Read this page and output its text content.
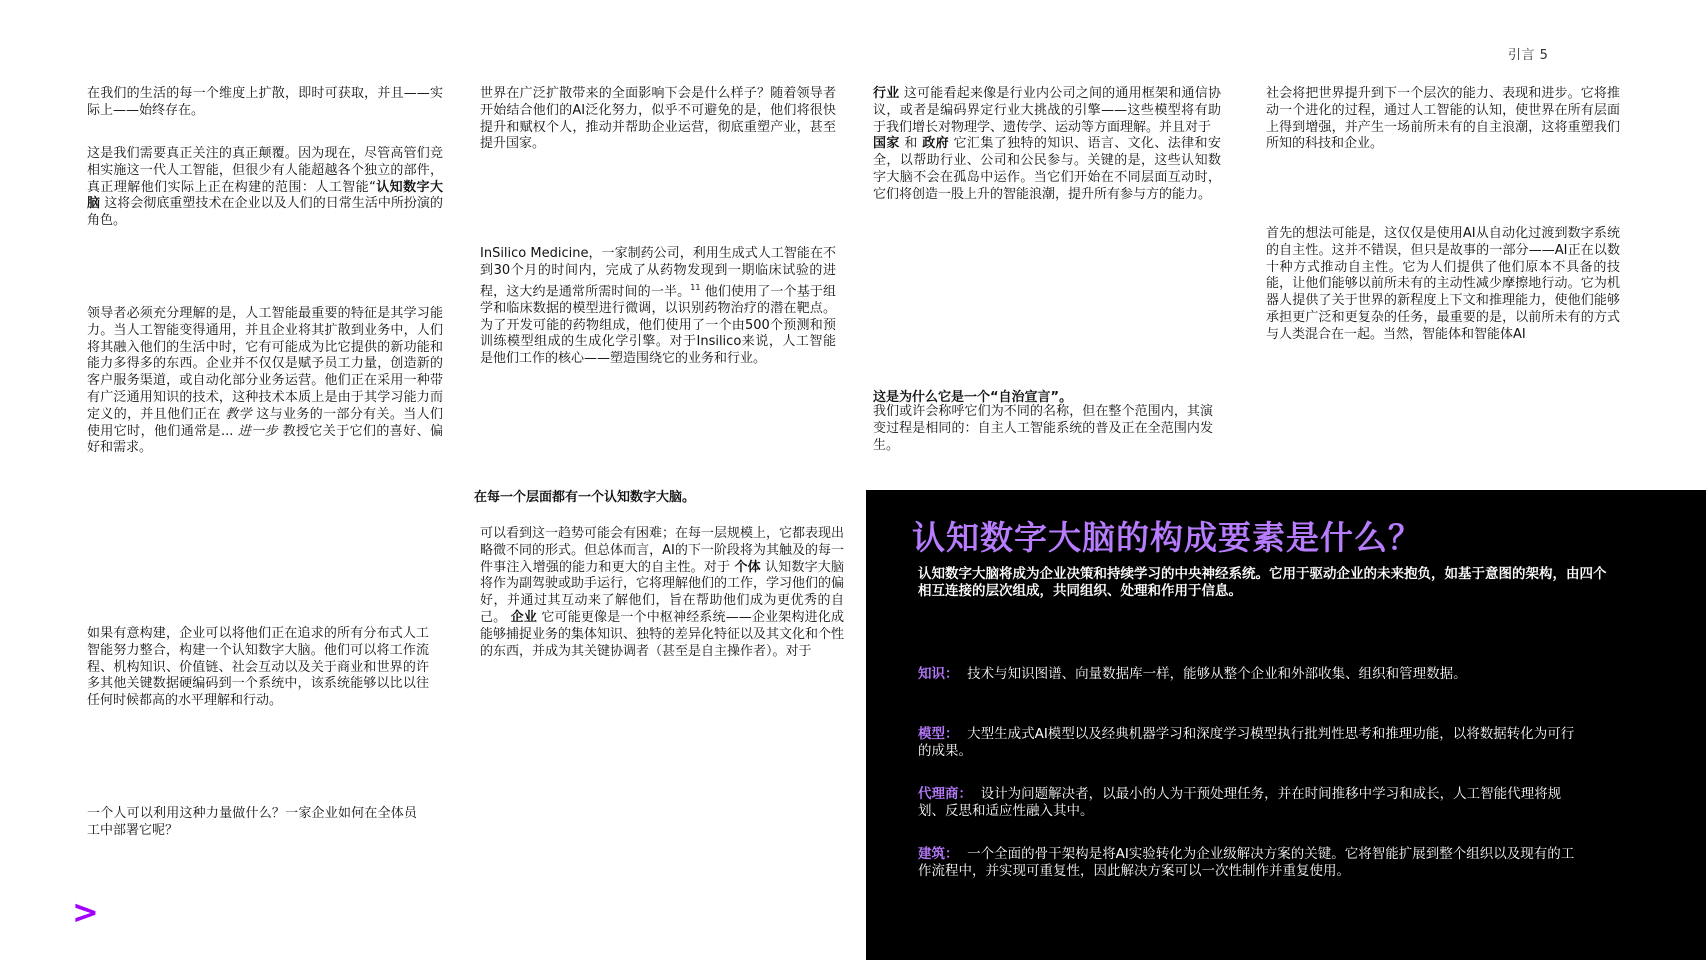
引言 5

在我们的生活的每一个维度上扩散，即时可获取，并且——实际上——始终存在。

这是我们需要真正关注的真正颠覆。因为现在，尽管高管们竞相实施这一代人工智能，但很少有人能超越各个独立的部件，真正理解他们实际上正在构建的范围：人工智能“认知数字大脑 这将会彻底重塑技术在企业以及人们的日常生活中所扮演的角色。

领导者必须充分理解的是，人工智能最重要的特征是其学习能力。当人工智能变得通用，并且企业将其扩散到业务中，人们将其融入他们的生活中时，它有可能成为比它提供的新功能和能力多得多的东西。企业并不仅仅是赋予员工力量，创造新的客户服务渠道，或自动化部分业务运营。他们正在采用一种带有广泛通用知识的技术，这种技术本质上是由于其学习能力而定义的，并且他们正在 教学 这与业务的一部分有关。当人们使用它时，他们通常是... 进一步 教授它关于它们的喜好、偏好和需求。

如果有意构建，企业可以将他们正在追求的所有分布式人工智能努力整合，构建一个认知数字大脑。他们可以将工作流程、机构知识、价值链、社会互动以及关于商业和世界的许多其他关键数据硬编码到一个系统中，该系统能够以比以往任何时候都高的水平理解和行动。

一个人可以利用这种力量做什么？一家企业如何在全体员工中部署它呢？

世界在广泛扩散带来的全面影响下会是什么样子？随着领导者开始结合他们的AI泛化努力，似乎不可避免的是，他们将很快提升和赋权个人，推动并帮助企业运营，彻底重塑产业，甚至提升国家。

InSilico Medicine，一家制药公司，利用生成式人工智能在不到30个月的时间内，完成了从药物发现到一期临床试验的进程，这大约是通常所需时间的一半。$^{11}$ 他们使用了一个基于组学和临床数据的模型进行微调，以识别药物治疗的潜在靶点。为了开发可能的药物组成，他们使用了一个由500个预测和预训练模型组成的生成化学引擎。对于Insilico来说，人工智能是他们工作的核心——塑造围绕它的业务和行业。

在每一个层面都有一个认知数字大脑。

可以看到这一趋势可能会有困难；在每一层规模上，它都表现出略微不同的形式。但总体而言，AI的下一阶段将为其触及的每一件事注入增强的能力和更大的自主性。对于 个体 认知数字大脑将作为副驾驶或助手运行，它将理解他们的工作，学习他们的偏好，并通过其互动来了解他们，旨在帮助他们成为更优秀的自己。 企业 它可能更像是一个中枢神经系统——企业架构进化成能够捕捉业务的集体知识、独特的差异化特征以及其文化和个性的东西，并成为其关键协调者（甚至是自主操作者）。对于

行业 这可能看起来像是行业内公司之间的通用框架和通信协议，或者是编码界定行业大挑战的引擎——这些模型将有助于我们增长对物理学、遗传学、运动等方面理解。并且对于
国家 和 政府 它汇集了独特的知识、语言、文化、法律和安全，以帮助行业、公司和公民参与。关键的是，这些认知数字大脑不会在孤岛中运作。当它们开始在不同层面互动时，它们将创造一股上升的智能浪潮，提升所有参与方的能力。

这是为什么它是一个“自治宣言”。

我们或许会称呼它们为不同的名称，但在整个范围内，其演变过程是相同的：自主人工智能系统的普及正在全范围内发生。

社会将把世界提升到下一个层次的能力、表现和进步。它将推动一个进化的过程，通过人工智能的认知，使世界在所有层面上得到增强，并产生一场前所未有的自主浪潮，这将重塑我们所知的科技和企业。

首先的想法可能是，这仅仅是使用AI从自动化过渡到数字系统的自主性。这并不错误，但只是故事的一部分——AI正在以数十种方式推动自主性。它为人们提供了他们原本不具备的技能，让他们能够以前所未有的主动性减少摩擦地行动。它为机器人提供了关于世界的新程度上下文和推理能力，使他们能够承担更广泛和更复杂的任务，最重要的是，以前所未有的方式与人类混合在一起。当然，智能体和智能体AI

认知数字大脑的构成要素是什么？

认知数字大脑将成为企业决策和持续学习的中央神经系统。它用于驱动企业的未来抱负，如基于意图的架构，由四个相互连接的层次组成，共同组织、处理和作用于信息。

知识： 技术与知识图谱、向量数据库一样，能够从整个企业和外部收集、组织和管理数据。

模型： 大型生成式AI模型以及经典机器学习和深度学习模型执行批判性思考和推理功能，以将数据转化为可行的成果。

代理商： 设计为问题解决者，以最小的人为干预处理任务，并在时间推移中学习和成长，人工智能代理将规划、反思和适应性融入其中。

建筑： 一个全面的骨干架构是将AI实验转化为企业级解决方案的关键。它将智能扩展到整个组织以及现有的工作流程中，并实现可重复性，因此解决方案可以一次性制作并重复使用。

>
